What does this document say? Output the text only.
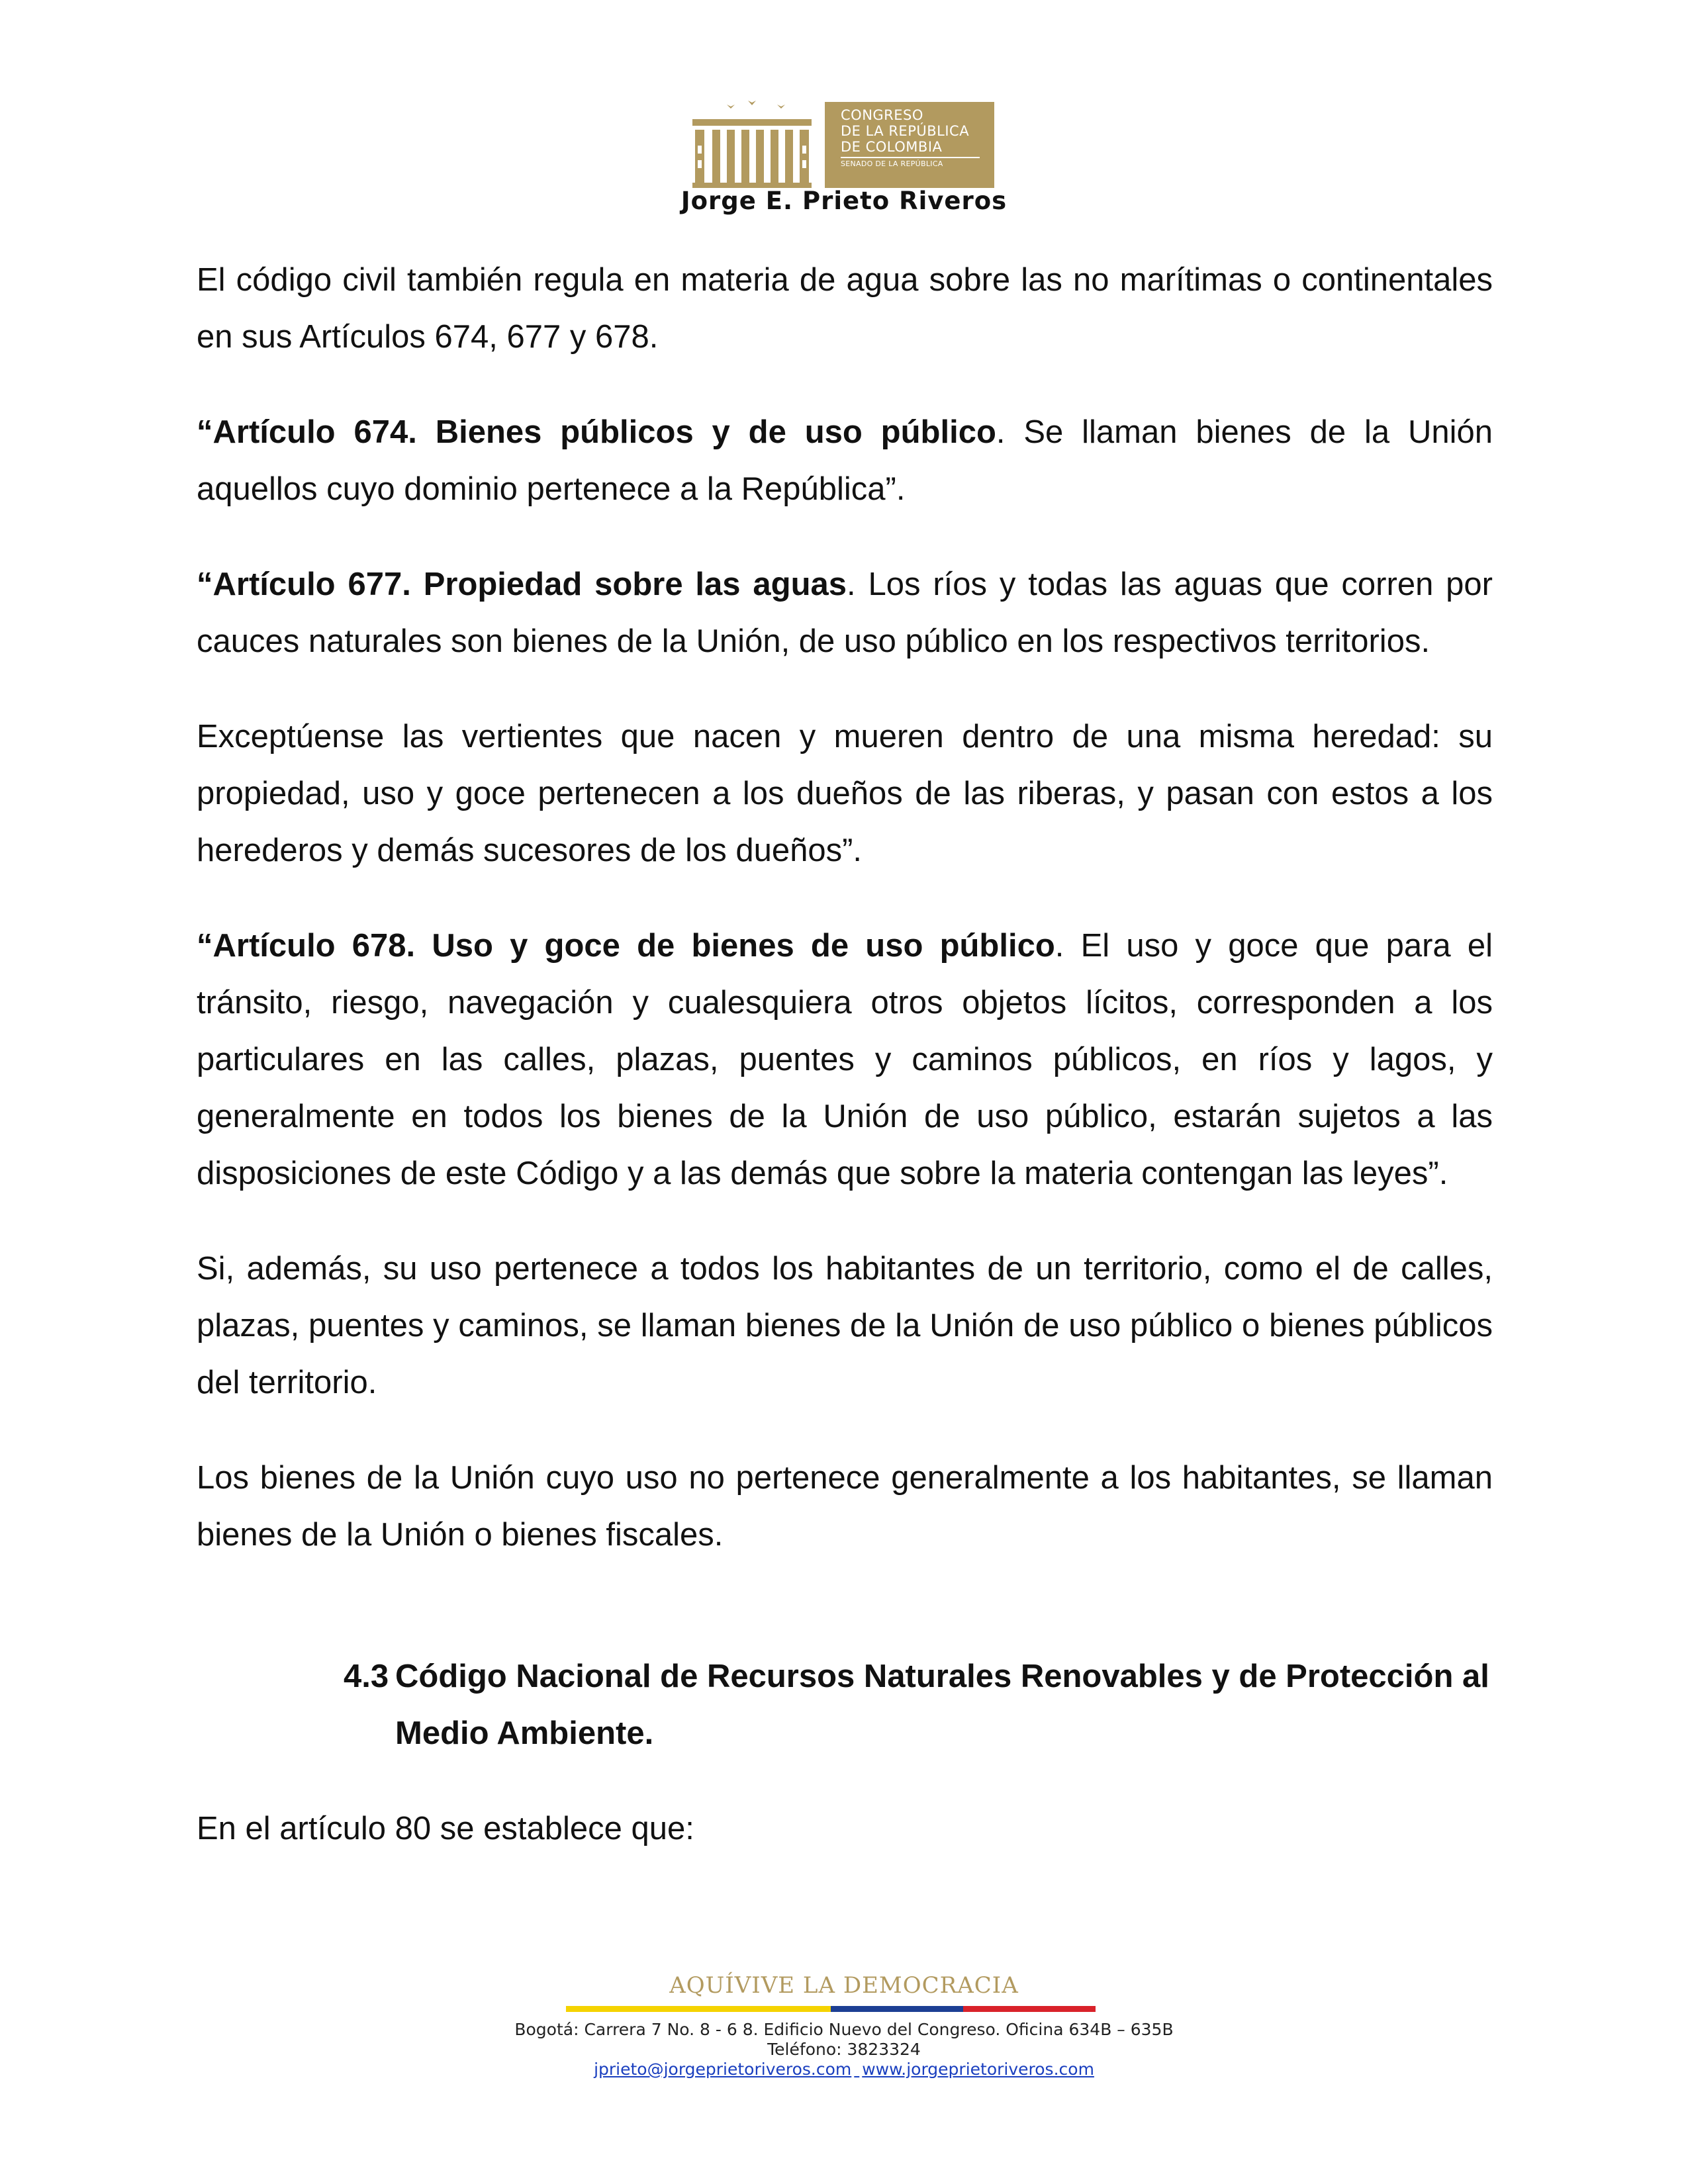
CONGRESO
DE LA REPÚBLICA
DE COLOMBIA
SENADO DE LA REPÚBLICA
Jorge E. Prieto Riveros

El código civil también regula en materia de agua sobre las no marítimas o continentales en sus Artículos 674, 677 y 678.

“Artículo 674. Bienes públicos y de uso público. Se llaman bienes de la Unión aquellos cuyo dominio pertenece a la República”.

“Artículo 677. Propiedad sobre las aguas. Los ríos y todas las aguas que corren por cauces naturales son bienes de la Unión, de uso público en los respectivos territorios.

Exceptúense las vertientes que nacen y mueren dentro de una misma heredad: su propiedad, uso y goce pertenecen a los dueños de las riberas, y pasan con estos a los herederos y demás sucesores de los dueños”.

“Artículo 678. Uso y goce de bienes de uso público. El uso y goce que para el tránsito, riesgo, navegación y cualesquiera otros objetos lícitos, corresponden a los particulares en las calles, plazas, puentes y caminos públicos, en ríos y lagos, y generalmente en todos los bienes de la Unión de uso público, estarán sujetos a las disposiciones de este Código y a las demás que sobre la materia contengan las leyes”.

Si, además, su uso pertenece a todos los habitantes de un territorio, como el de calles, plazas, puentes y caminos, se llaman bienes de la Unión de uso público o bienes públicos del territorio.

Los bienes de la Unión cuyo uso no pertenece generalmente a los habitantes, se llaman bienes de la Unión o bienes fiscales.

4.3 Código Nacional de Recursos Naturales Renovables y de Protección al Medio Ambiente.

En el artículo 80 se establece que:

AQUÍVIVE LA DEMOCRACIA
Bogotá: Carrera 7 No. 8 - 6 8. Edificio Nuevo del Congreso. Oficina 634B – 635B
Teléfono: 3823324
jprieto@jorgeprietoriveros.com www.jorgeprietoriveros.com
